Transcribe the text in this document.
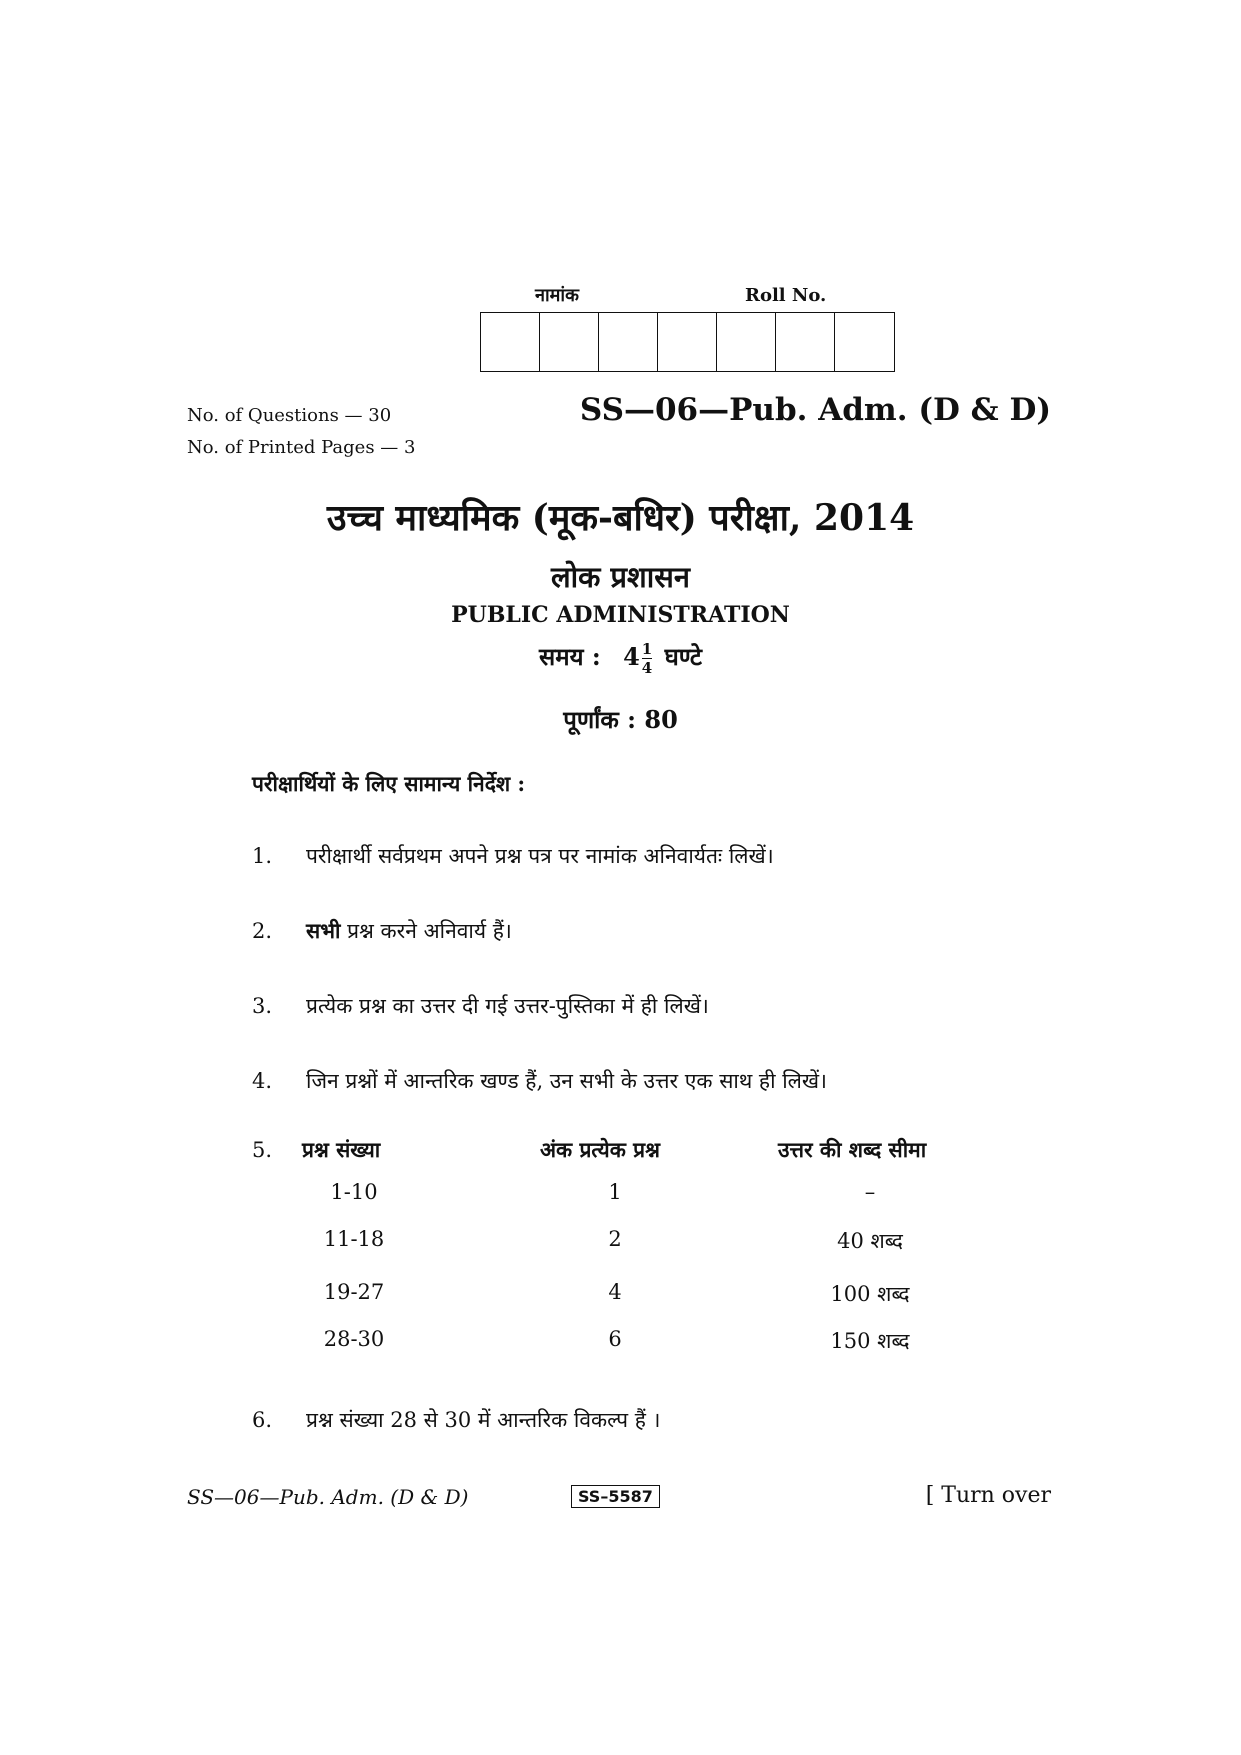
नामांक	Roll No.
No. of Questions — 30
No. of Printed Pages — 3
SS—06—Pub. Adm. (D & D)
उच्च माध्यमिक (मूक-बधिर) परीक्षा, 2014
लोक प्रशासन
PUBLIC ADMINISTRATION
समय : $4 \frac{1}{4}$ घण्टे
पूर्णांक : 80
परीक्षार्थियों के लिए सामान्य निर्देश :
1. परीक्षार्थी सर्वप्रथम अपने प्रश्न पत्र पर नामांक अनिवार्यतः लिखें।
2. सभी प्रश्न करने अनिवार्य हैं।
3. प्रत्येक प्रश्न का उत्तर दी गई उत्तर-पुस्तिका में ही लिखें।
4. जिन प्रश्नों में आन्तरिक खण्ड हैं, उन सभी के उत्तर एक साथ ही लिखें।
5. प्रश्न संख्या	अंक प्रत्येक प्रश्न	उत्तर की शब्द सीमा
1-10	1	–
11-18	2	40 शब्द
19-27	4	100 शब्द
28-30	6	150 शब्द
6. प्रश्न संख्या 28 से 30 में आन्तरिक विकल्प हैं ।
SS—06—Pub. Adm. (D & D)	SS–5587	[ Turn over
